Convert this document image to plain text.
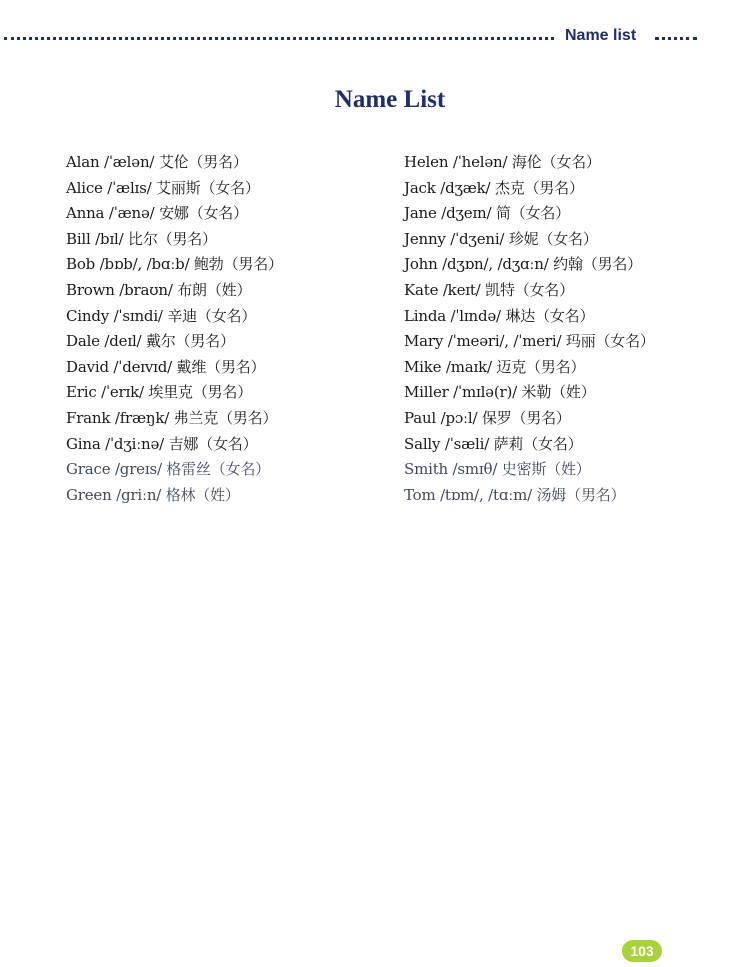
Name list
Name List
Alan /ˈælən/ 艾伦（男名）
Alice /ˈælɪs/ 艾丽斯（女名）
Anna /ˈænə/ 安娜（女名）
Bill /bɪl/ 比尔（男名）
Bob /bɒb/, /bɑːb/ 鲍勃（男名）
Brown /braʊn/ 布朗（姓）
Cindy /ˈsɪndi/ 辛迪（女名）
Dale /deɪl/ 戴尔（男名）
David /ˈdeɪvɪd/ 戴维（男名）
Eric /ˈerɪk/ 埃里克（男名）
Frank /fræŋk/ 弗兰克（男名）
Gina /ˈdʒiːnə/ 吉娜（女名）
Grace /greɪs/ 格雷丝（女名）
Green /griːn/ 格林（姓）
Helen /ˈhelən/ 海伦（女名）
Jack /dʒæk/ 杰克（男名）
Jane /dʒeɪn/ 简（女名）
Jenny /ˈdʒeni/ 珍妮（女名）
John /dʒɒn/, /dʒɑːn/ 约翰（男名）
Kate /keɪt/ 凯特（女名）
Linda /ˈlɪndə/ 琳达（女名）
Mary /ˈmeəri/, /ˈmeri/ 玛丽（女名）
Mike /maɪk/ 迈克（男名）
Miller /ˈmɪlə(r)/ 米勒（姓）
Paul /pɔːl/ 保罗（男名）
Sally /ˈsæli/ 萨莉（女名）
Smith /smɪθ/ 史密斯（姓）
Tom /tɒm/, /tɑːm/ 汤姆（男名）
103
